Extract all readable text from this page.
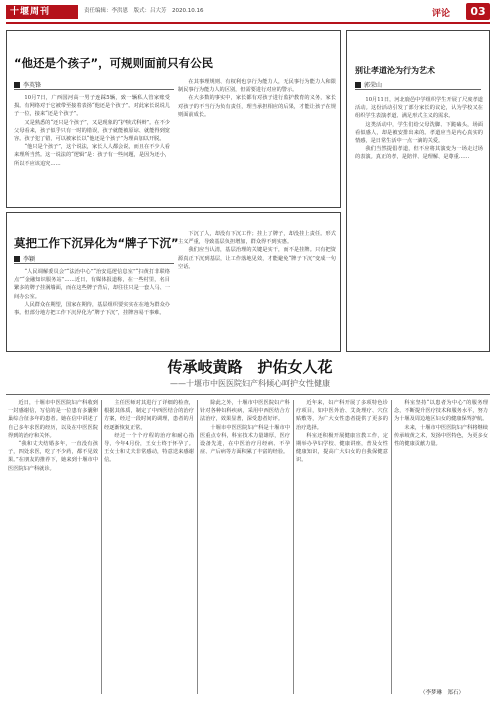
十堰周刊	责任编辑：李洪恩　版式：吕大芳　2020.10.16	评论	03
“他还是个孩子”，可规则面前只有公民
李英锋

10月7日，广西国河高一男子连踩5辆，致一辆私人管家账受损。有网络对于它被带至接着表扬“他还是个孩子”。对此家长说说儿子一位，接来“还是个孩子”。

又是熟悉的“还只是个孩子”，又是现象的“护犊式科辩”。在不少父母看来，孩子似乎只有一时的错误，孩子就能被原谅、就能得到宽容。孩子犯了错，可以被家长以“他还是个孩子”为理由加以开脱。

“他只是个孩子”，这个说法，家长人人都会说，而且在不少人看来理所当然。这一说法的“逻辑”是：孩子有一些问题，是因为还小，所以不应该追究……

在其事理规则、有权利也享行为能力人，无民事行为能力人和限制民事行为能力人的区别，但需要进行对应的警示。

在大多数的事实中，家长都有对孩子进行监护教育的义务，家长对孩子的不当行为负有责任，理当承担相应的后果，才能让孩子在规则面前成长。

别让孝道沦为行为艺术
郭荣山

10月11日，河北鹿邑中学组织学生开展了尺度孝道活动。这份活动引发了部分家长的议论，认为学校又在组织学生表演孝道、满足形式主义的需求。

这类活动中，学生们给父母洗脚、下跪磕头，场面看似感人，却是被安排出来的。孝道应当是内心真实的情感，是日常生活中一点一滴的关爱。

我们当然提倡孝道，但不应将其演变为一场走过场的表演。真正的孝，是陪伴、是理解、是尊重……

莫把工作下沉异化为“牌子下沉”
李颖

“人民调解委员会”“法治中心”“治安巡逻信息室”“扫黄打非联络点”“金融知识服务站”……近日，有媒体报道称，在一些村里，名目繁多的牌子挂满墙面，而在这些牌子背后，却往往只是一套人马、一间办公室。

人民群众在期望，国家在期待，基层组织要实实在在地为群众办事。但部分地方把工作下沉异化为“牌子下沉”，挂牌容易干事难。

下沉了人，却没有下沉工作；挂上了牌子，却没挂上责任。形式主义严重，导致基层负担增加，群众得不到实惠。

我们应当认清，基层治理的关键是实干，而不是挂牌。只有把资源真正下沉到基层，让工作落地见效，才能避免“牌子下沉”变成一句空话。

传承岐黄路　护佑女人花
——十堰市中医医院妇产科倾心呵护女性健康

近日，十堰市中医医院妇产科收到一封感谢信，写信的是一位患有多囊卵巢综合征多年的患者。她在信中讲述了自己多年求医的经历，以及在中医医院得到的治疗和关怀。

“我和丈夫结婚多年，一直没有孩子，四处求医，吃了不少药，都不见效果。”在朋友的推荐下，她来到十堰市中医医院妇产科就诊。

主任医师对其进行了详细的检查，根据其体质，制定了中西医结合的治疗方案，经过一段时间的调理，患者的月经逐渐恢复正常。

经过一个个疗程的治疗和耐心指导，今年4月份，王女士终于怀孕了。王女士和丈夫非常感动，特意送来感谢信。

除此之外，十堰市中医医院妇产科针对各种妇科疾病，采用中西医结合方法治疗，效果显著，深受患者好评。

十堰市中医医院妇产科是十堰市中医重点专科，科室技术力量雄厚，医疗设备先进，在中医治疗月经病、不孕症、产后病等方面积累了丰富的经验。

近年来，妇产科开展了多项特色诊疗项目，如中医外治、艾灸理疗、穴位贴敷等，为广大女性患者提供了更多的治疗选择。

科室还积极开展健康宣教工作，定期举办孕妇学校、健康讲座，普及女性健康知识，提高广大妇女的自我保健意识。

科室坚持“以患者为中心”的服务理念，不断提升医疗技术和服务水平，努力为十堰及周边地区妇女的健康保驾护航。

未来，十堰市中医医院妇产科将继续传承岐黄之术，发扬中医特色，为更多女性的健康贡献力量。

（李梦琳　郑石）
